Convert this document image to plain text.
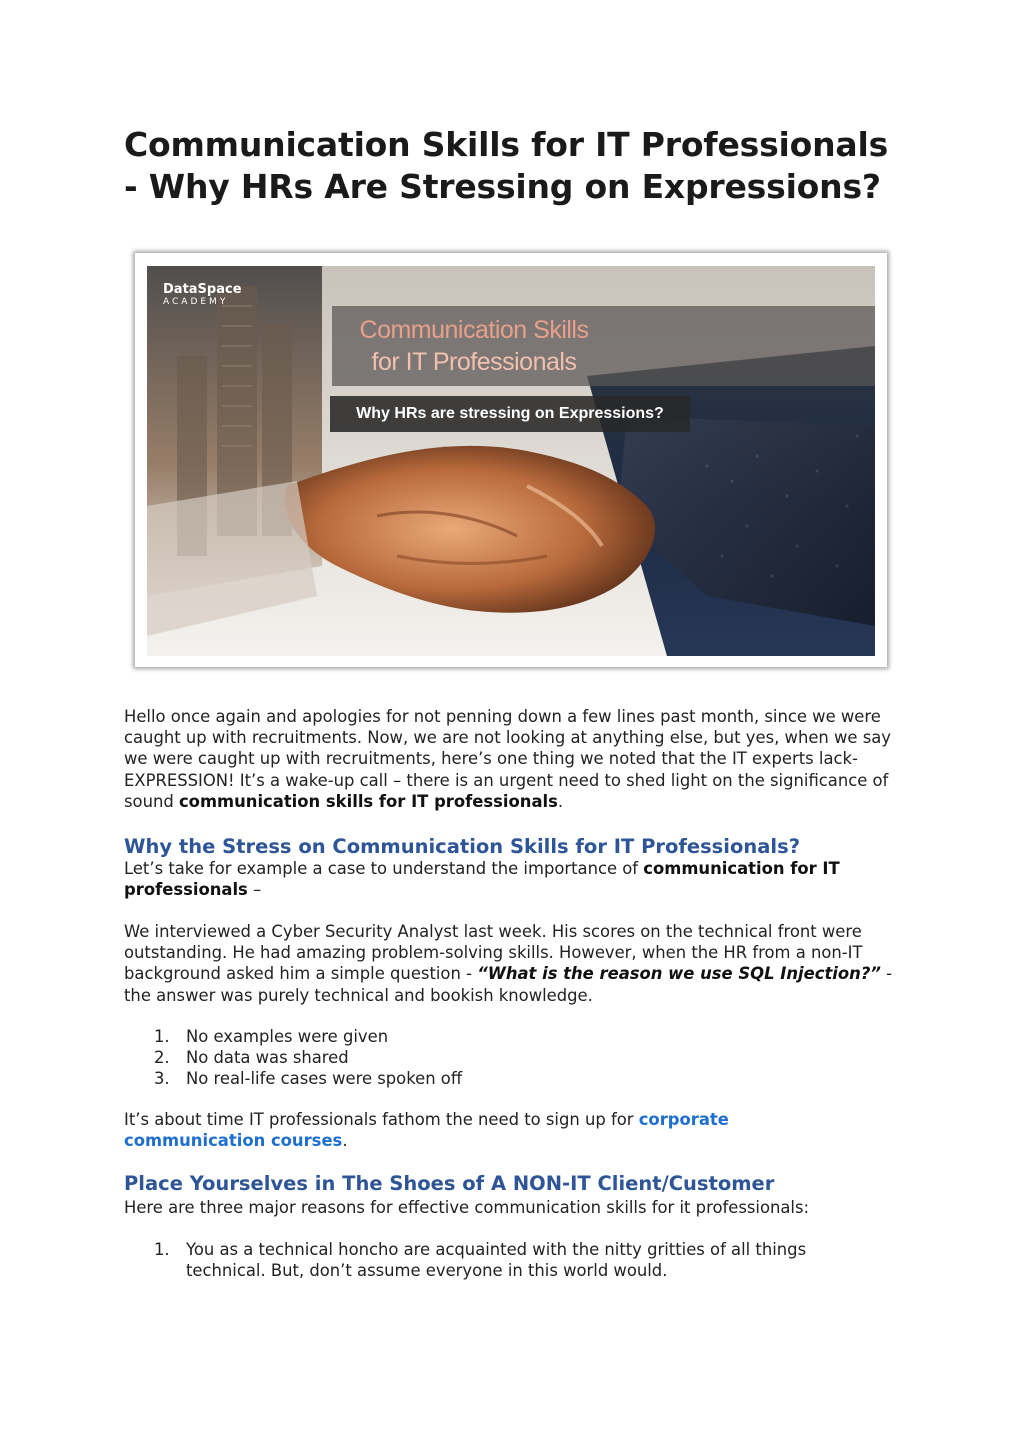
Communication Skills for IT Professionals
- Why HRs Are Stressing on Expressions?
DataSpace
ACADEMY
Communication Skills
for IT Professionals
Why HRs are stressing on Expressions?
Hello once again and apologies for not penning down a few lines past month, since we were caught up with recruitments. Now, we are not looking at anything else, but yes, when we say we were caught up with recruitments, here’s one thing we noted that the IT experts lack- EXPRESSION! It’s a wake-up call – there is an urgent need to shed light on the significance of sound communication skills for IT professionals.
Why the Stress on Communication Skills for IT Professionals?
Let’s take for example a case to understand the importance of communication for IT professionals –
We interviewed a Cyber Security Analyst last week. His scores on the technical front were outstanding. He had amazing problem-solving skills. However, when the HR from a non-IT background asked him a simple question - “What is the reason we use SQL Injection?” - the answer was purely technical and bookish knowledge.
1. No examples were given
2. No data was shared
3. No real-life cases were spoken off
It’s about time IT professionals fathom the need to sign up for corporate communication courses.
Place Yourselves in The Shoes of A NON-IT Client/Customer
Here are three major reasons for effective communication skills for it professionals:
1. You as a technical honcho are acquainted with the nitty gritties of all things technical. But, don’t assume everyone in this world would.
